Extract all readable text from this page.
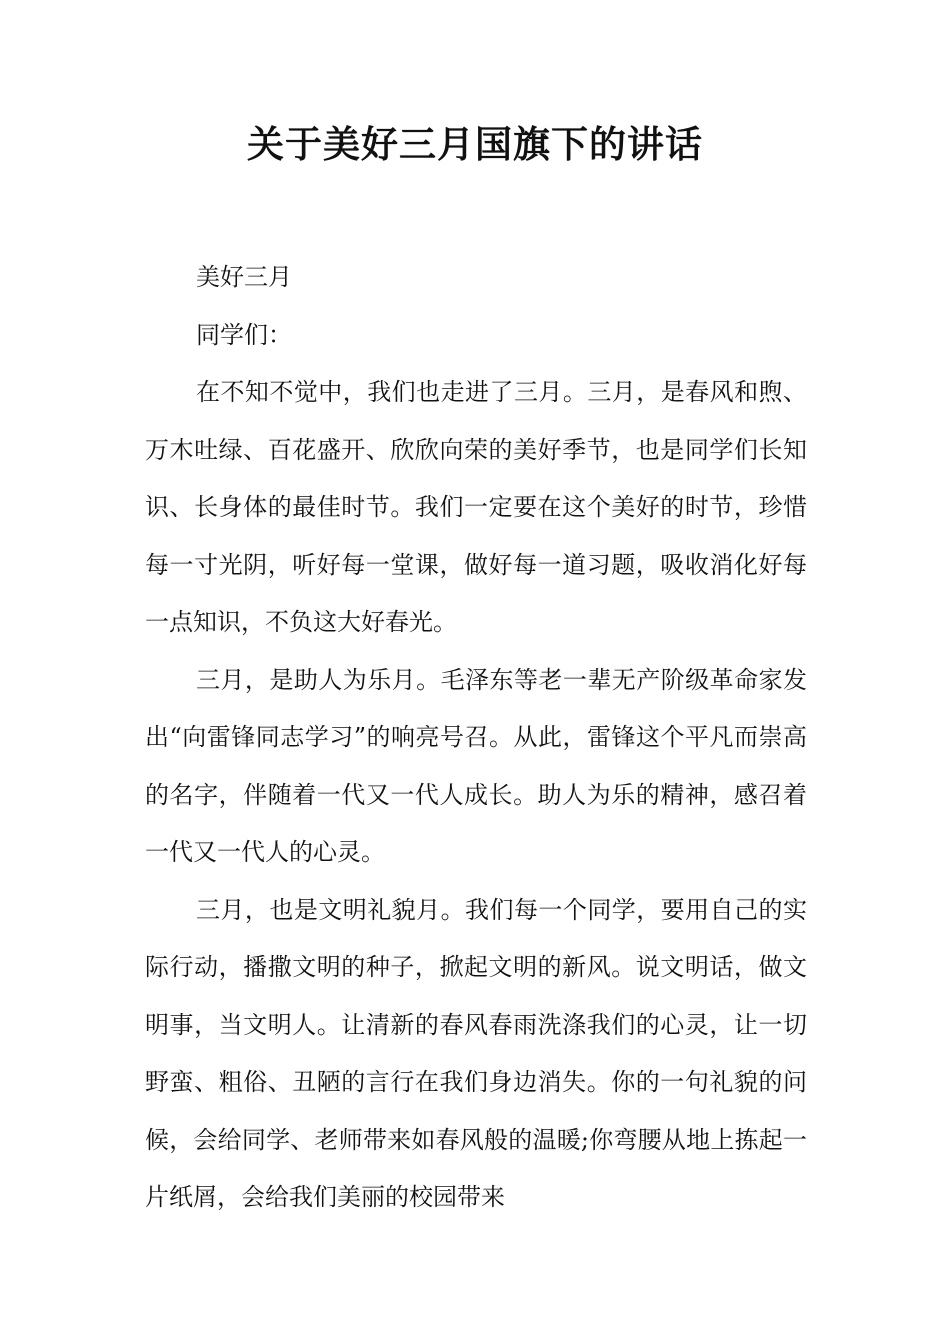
关于美好三月国旗下的讲话

美好三月

同学们：

在不知不觉中，我们也走进了三月。三月，是春风和煦、万木吐绿、百花盛开、欣欣向荣的美好季节，也是同学们长知识、长身体的最佳时节。我们一定要在这个美好的时节，珍惜每一寸光阴，听好每一堂课，做好每一道习题，吸收消化好每一点知识，不负这大好春光。

三月，是助人为乐月。毛泽东等老一辈无产阶级革命家发出“向雷锋同志学习”的响亮号召。从此，雷锋这个平凡而崇高的名字，伴随着一代又一代人成长。助人为乐的精神，感召着一代又一代人的心灵。

三月，也是文明礼貌月。我们每一个同学，要用自己的实际行动，播撒文明的种子，掀起文明的新风。说文明话，做文明事，当文明人。让清新的春风春雨洗涤我们的心灵，让一切野蛮、粗俗、丑陋的言行在我们身边消失。你的一句礼貌的问候，会给同学、老师带来如春风般的温暖;你弯腰从地上拣起一片纸屑，会给我们美丽的校园带来
